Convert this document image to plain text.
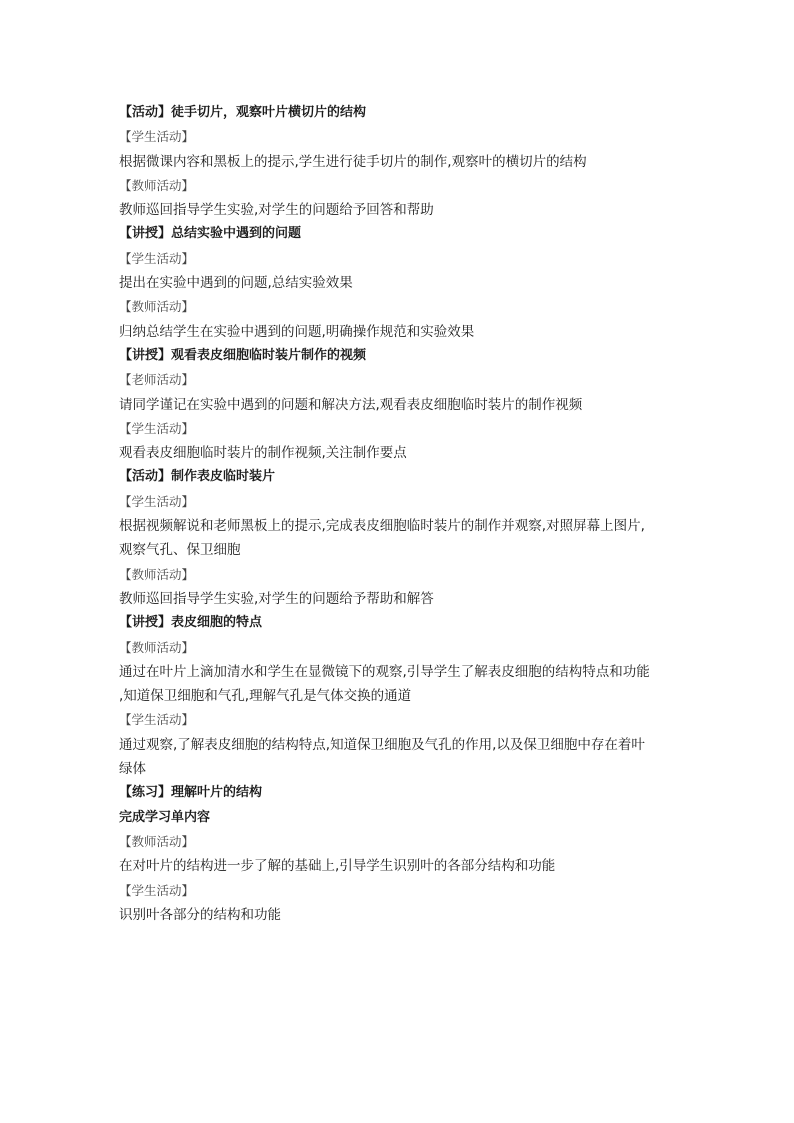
【活动】徒手切片，观察叶片横切片的结构

【学生活动】

根据微课内容和黑板上的提示,学生进行徒手切片的制作,观察叶的横切片的结构

【教师活动】

教师巡回指导学生实验,对学生的问题给予回答和帮助

【讲授】总结实验中遇到的问题

【学生活动】

提出在实验中遇到的问题,总结实验效果

【教师活动】

归纳总结学生在实验中遇到的问题,明确操作规范和实验效果

【讲授】观看表皮细胞临时装片制作的视频

【老师活动】

请同学谨记在实验中遇到的问题和解决方法,观看表皮细胞临时装片的制作视频

【学生活动】

观看表皮细胞临时装片的制作视频,关注制作要点

【活动】制作表皮临时装片

【学生活动】

根据视频解说和老师黑板上的提示,完成表皮细胞临时装片的制作并观察,对照屏幕上图片,

观察气孔、保卫细胞

【教师活动】

教师巡回指导学生实验,对学生的问题给予帮助和解答

【讲授】表皮细胞的特点

【教师活动】

通过在叶片上滴加清水和学生在显微镜下的观察,引导学生了解表皮细胞的结构特点和功能

,知道保卫细胞和气孔,理解气孔是气体交换的通道

【学生活动】

通过观察,了解表皮细胞的结构特点,知道保卫细胞及气孔的作用,以及保卫细胞中存在着叶

绿体

【练习】理解叶片的结构

完成学习单内容

【教师活动】

在对叶片的结构进一步了解的基础上,引导学生识别叶的各部分结构和功能

【学生活动】

识别叶各部分的结构和功能
